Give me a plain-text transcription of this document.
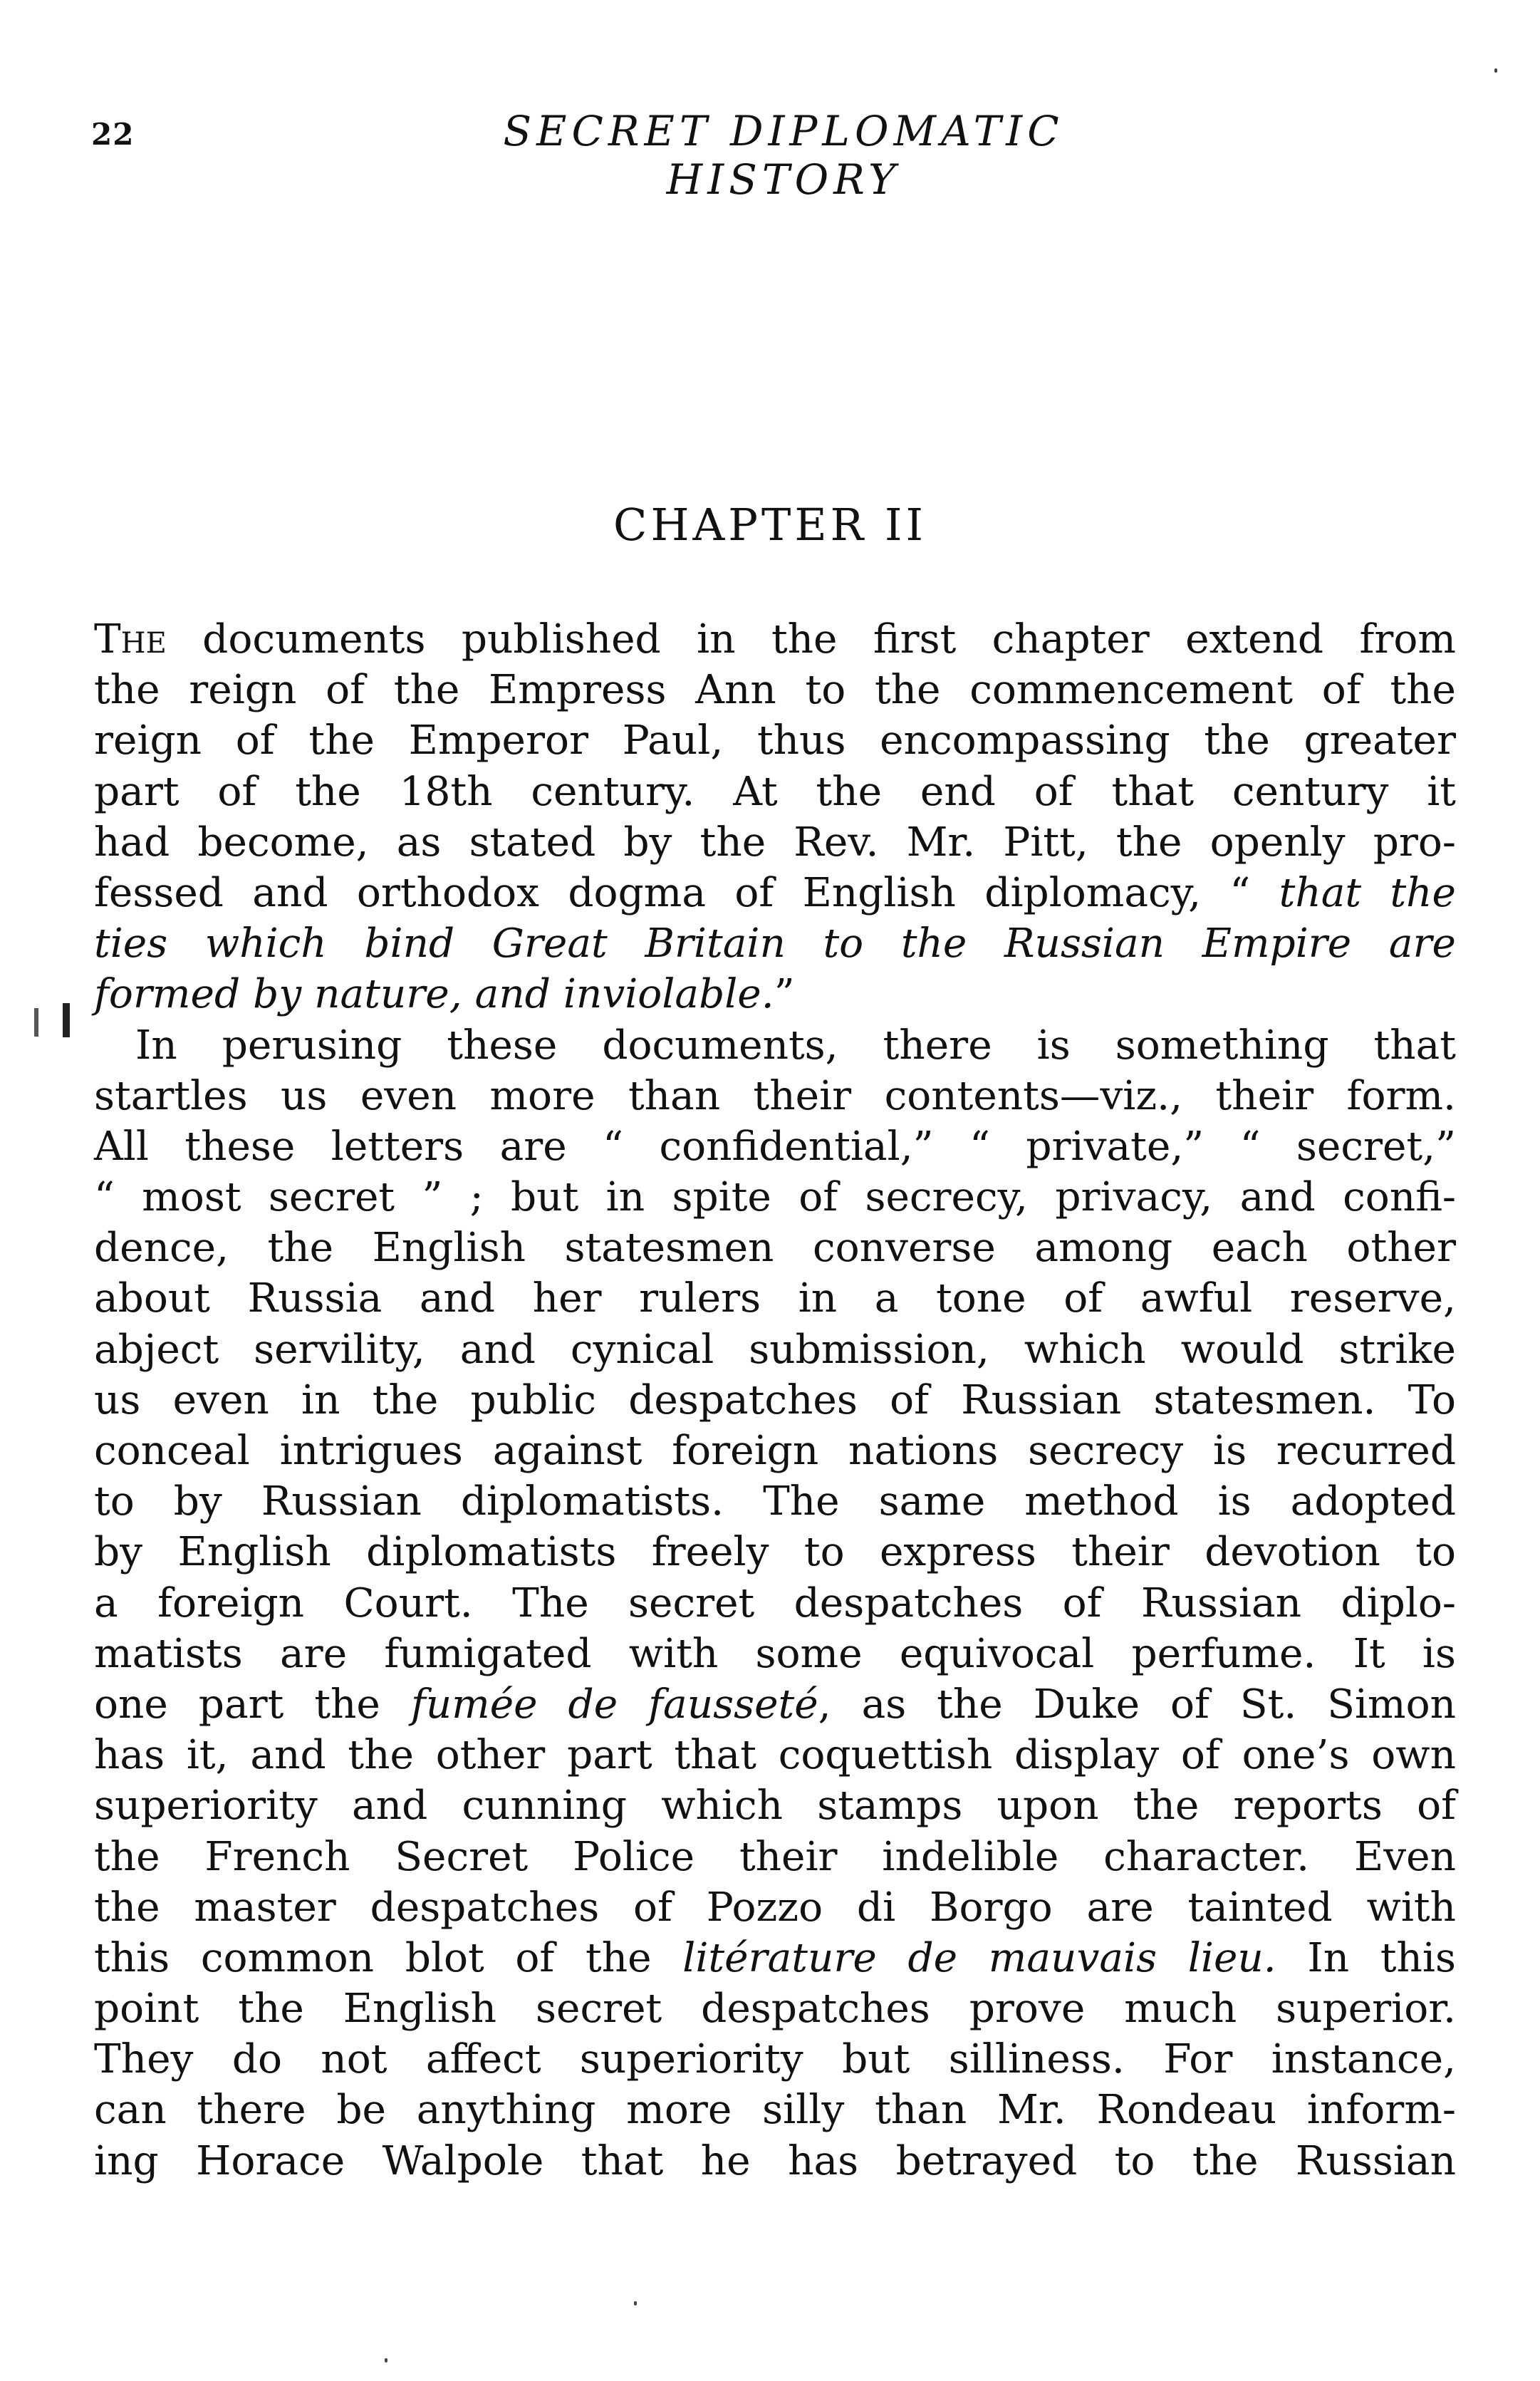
22	SECRET DIPLOMATIC HISTORY
CHAPTER II
The documents published in the first chapter extend from
the reign of the Empress Ann to the commencement of the
reign of the Emperor Paul, thus encompassing the greater
part of the 18th century. At the end of that century it
had become, as stated by the Rev. Mr. Pitt, the openly pro-
fessed and orthodox dogma of English diplomacy, “ that the
ties which bind Great Britain to the Russian Empire are
formed by nature, and inviolable.”
In perusing these documents, there is something that
startles us even more than their contents—viz., their form.
All these letters are “ confidential,” “ private,” “ secret,”
“ most secret ” ; but in spite of secrecy, privacy, and confi-
dence, the English statesmen converse among each other
about Russia and her rulers in a tone of awful reserve,
abject servility, and cynical submission, which would strike
us even in the public despatches of Russian statesmen. To
conceal intrigues against foreign nations secrecy is recurred
to by Russian diplomatists. The same method is adopted
by English diplomatists freely to express their devotion to
a foreign Court. The secret despatches of Russian diplo-
matists are fumigated with some equivocal perfume. It is
one part the fumée de fausseté, as the Duke of St. Simon
has it, and the other part that coquettish display of one’s own
superiority and cunning which stamps upon the reports of
the French Secret Police their indelible character. Even
the master despatches of Pozzo di Borgo are tainted with
this common blot of the litérature de mauvais lieu. In this
point the English secret despatches prove much superior.
They do not affect superiority but silliness. For instance,
can there be anything more silly than Mr. Rondeau inform-
ing Horace Walpole that he has betrayed to the Russian
